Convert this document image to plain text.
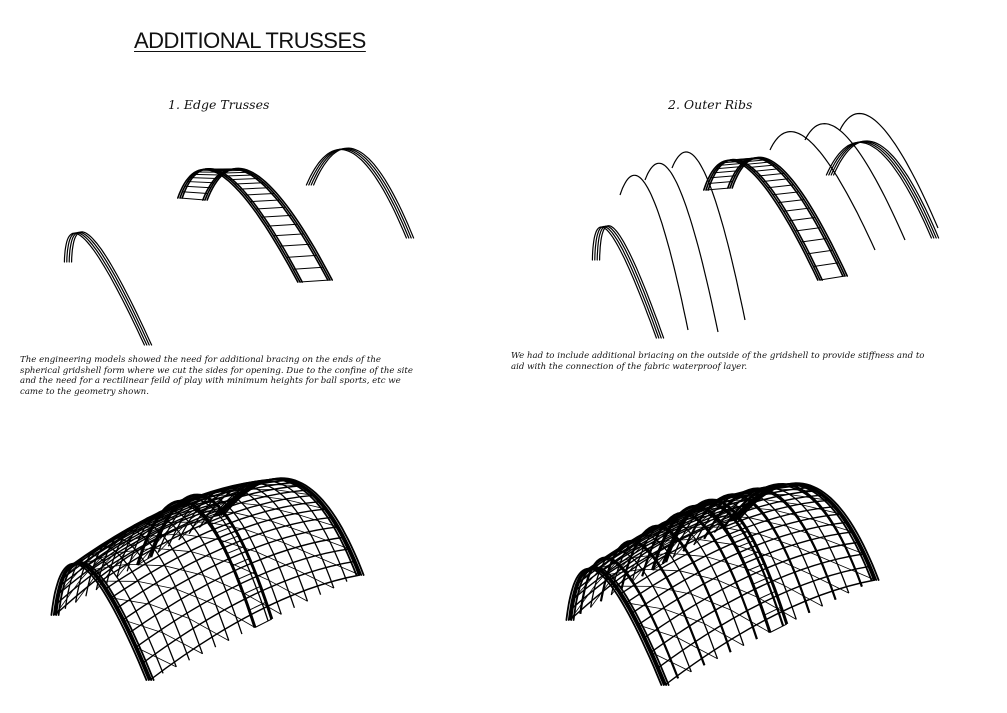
ADDITIONAL TRUSSES
1. Edge Trusses	2. Outer Ribs
The engineering models showed the need for additional bracing on the ends of the spherical gridshell form where we cut the sides for opening. Due to the confine of the site and the need for a rectilinear feild of play with minimum heights for ball sports, etc we came to the geometry shown.
We had to include additional briacing on the outside of the gridshell to provide stiffness and to aid with the connection of the fabric waterproof layer.
